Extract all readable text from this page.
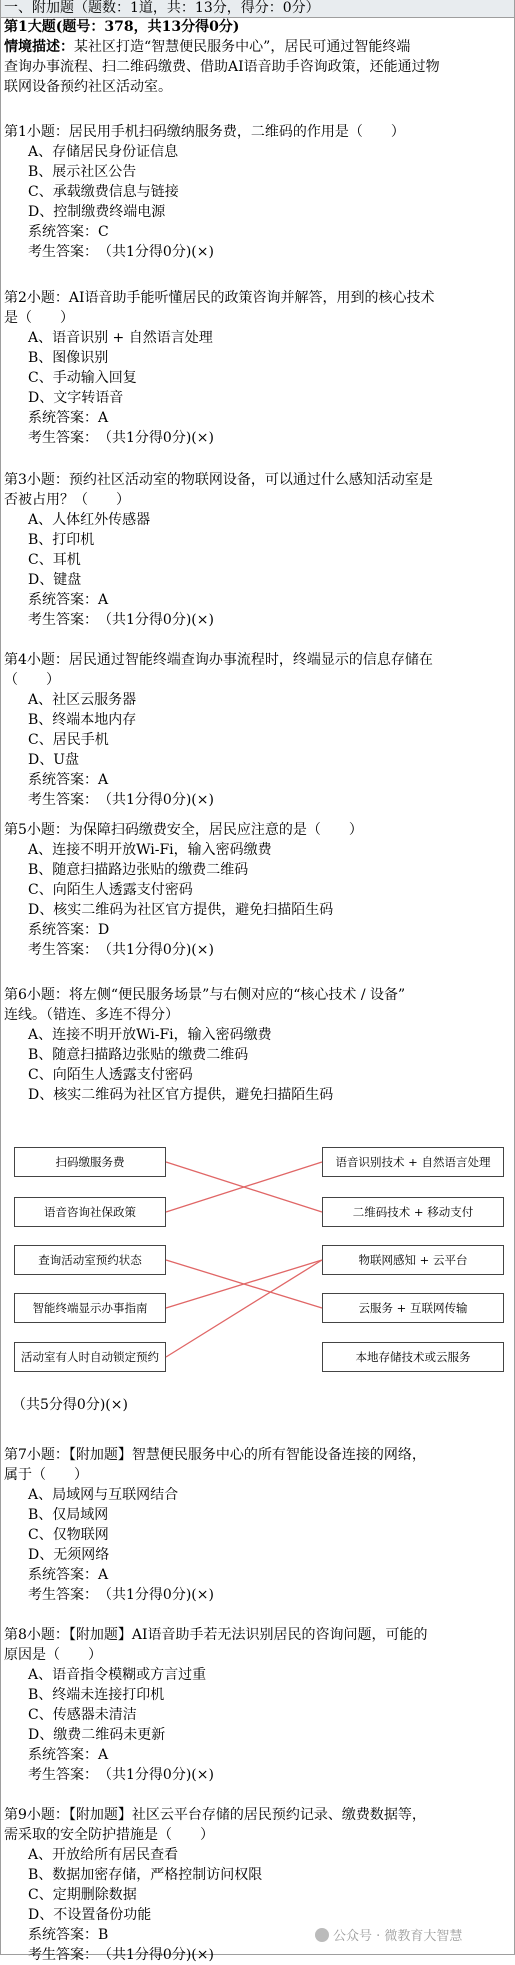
一、附加题（题数：1道，共：13分，得分：0分）
第1大题(题号：378，共13分得0分)
情境描述：某社区打造“智慧便民服务中心”，居民可通过智能终端
查询办事流程、扫二维码缴费、借助AI语音助手咨询政策，还能通过物
联网设备预约社区活动室。
第1小题：居民用手机扫码缴纳服务费，二维码的作用是（　　）
A、存储居民身份证信息
B、展示社区公告
C、承载缴费信息与链接
D、控制缴费终端电源
系统答案：C
考生答案：　（共1分得0分)(×)
第2小题：AI语音助手能听懂居民的政策咨询并解答，用到的核心技术
是（　　）
A、语音识别 + 自然语言处理
B、图像识别
C、手动输入回复
D、文字转语音
系统答案：A
考生答案：　（共1分得0分)(×)
第3小题：预约社区活动室的物联网设备，可以通过什么感知活动室是
否被占用？（　　）
A、人体红外传感器
B、打印机
C、耳机
D、键盘
系统答案：A
考生答案：　（共1分得0分)(×)
第4小题：居民通过智能终端查询办事流程时，终端显示的信息存储在
（　　）
A、社区云服务器
B、终端本地内存
C、居民手机
D、U盘
系统答案：A
考生答案：　（共1分得0分)(×)
第5小题：为保障扫码缴费安全，居民应注意的是（　　）
A、连接不明开放Wi-Fi，输入密码缴费
B、随意扫描路边张贴的缴费二维码
C、向陌生人透露支付密码
D、核实二维码为社区官方提供，避免扫描陌生码
系统答案：D
考生答案：　（共1分得0分)(×)
第6小题：将左侧“便民服务场景”与右侧对应的“核心技术 / 设备”
连线。（错连、多连不得分）
A、连接不明开放Wi-Fi，输入密码缴费
B、随意扫描路边张贴的缴费二维码
C、向陌生人透露支付密码
D、核实二维码为社区官方提供，避免扫描陌生码
扫码缴服务费
语音咨询社保政策
查询活动室预约状态
智能终端显示办事指南
活动室有人时自动锁定预约
语音识别技术 + 自然语言处理
二维码技术 + 移动支付
物联网感知 + 云平台
云服务 + 互联网传输
本地存储技术或云服务
（共5分得0分)(×)
第7小题：【附加题】智慧便民服务中心的所有智能设备连接的网络，
属于（　　）
A、局域网与互联网结合
B、仅局域网
C、仅物联网
D、无须网络
系统答案：A
考生答案：　（共1分得0分)(×)
第8小题：【附加题】AI语音助手若无法识别居民的咨询问题，可能的
原因是（　　）
A、语音指令模糊或方言过重
B、终端未连接打印机
C、传感器未清洁
D、缴费二维码未更新
系统答案：A
考生答案：　（共1分得0分)(×)
第9小题：【附加题】社区云平台存储的居民预约记录、缴费数据等，
需采取的安全防护措施是（　　）
A、开放给所有居民查看
B、数据加密存储，严格控制访问权限
C、定期删除数据
D、不设置备份功能
系统答案：B
考生答案：　（共1分得0分)(×)
公众号 · 微教育大智慧
